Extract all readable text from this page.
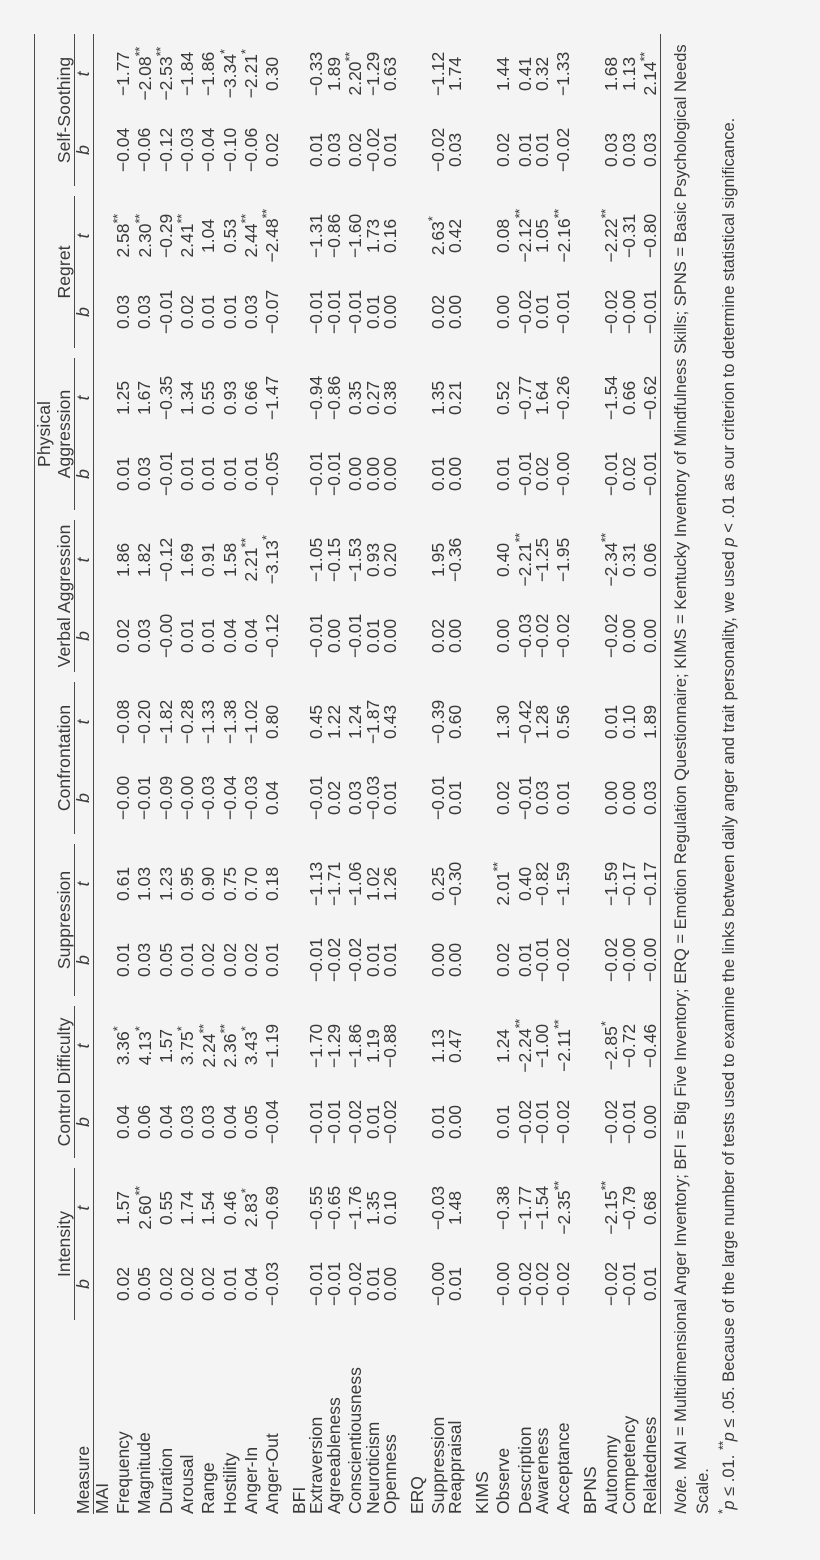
		Intensity			Control Difficulty			Suppression			Confrontation			Verbal Aggression			Physical Aggression			Regret			Self-Soothing	

Measure		b	t		b	t		b	t		b	t		b	t		b	t		b	t		b	t
MAI																								
Frequency		0.02	1.57		0.04	3.36*		0.01	0.61		−0.00	−0.08		0.02	1.86		0.01	1.25		0.03	2.58**		−0.04	−1.77
Magnitude		0.05	2.60**		0.06	4.13*		0.03	1.03		−0.01	−0.20		0.03	1.82		0.03	1.67		0.03	2.30**		−0.06	−2.08**
Duration		0.02	0.55		0.04	1.57		0.05	1.23		−0.09	−1.82		−0.00	−0.12		−0.01	−0.35		−0.01	−0.29		−0.12	−2.53**
Arousal		0.02	1.74		0.03	3.75*		0.01	0.95		−0.00	−0.28		0.01	1.69		0.01	1.34		0.02	2.41**		−0.03	−1.84
Range		0.02	1.54		0.03	2.24**		0.02	0.90		−0.03	−1.33		0.01	0.91		0.01	0.55		0.01	1.04		−0.04	−1.86
Hostility		0.01	0.46		0.04	2.36**		0.02	0.75		−0.04	−1.38		0.04	1.58		0.01	0.93		0.01	0.53		−0.10	−3.34*
Anger-In		0.04	2.83*		0.05	3.43*		0.02	0.70		−0.03	−1.02		0.04	2.21**		0.01	0.66		0.03	2.44**		−0.06	−2.21*
Anger-Out		−0.03	−0.69		−0.04	−1.19		0.01	0.18		0.04	0.80		−0.12	−3.13*		−0.05	−1.47		−0.07	−2.48**		0.02	0.30

BFI																								
Extraversion		−0.01	−0.55		−0.01	−1.70		−0.01	−1.13		−0.01	0.45		−0.01	−1.05		−0.01	−0.94		−0.01	−1.31		0.01	−0.33
Agreeableness		−0.01	−0.65		−0.01	−1.29		−0.02	−1.71		0.02	1.22		0.00	−0.15		−0.01	−0.86		−0.01	−0.86		0.03	1.89
Conscientiousness		−0.02	−1.76		−0.02	−1.86		−0.02	−1.06		0.03	1.24		−0.01	−1.53		0.00	0.35		−0.01	−1.60		0.02	2.20**
Neuroticism		0.01	1.35		0.01	1.19		0.01	1.02		−0.03	−1.87		0.01	0.93		0.00	0.27		0.01	1.73		−0.02	−1.29
Openness		0.00	0.10		−0.02	−0.88		0.01	1.26		0.01	0.43		0.00	0.20		0.00	0.38		0.00	0.16		0.01	0.63

ERQ																								
Suppression		−0.00	−0.03		0.01	1.13		0.00	0.25		−0.01	−0.39		0.02	1.95		0.01	1.35		0.02	2.63*		−0.02	−1.12
Reappraisal		0.01	1.48		0.00	0.47		0.00	−0.30		0.01	0.60		0.00	−0.36		0.00	0.21		0.00	0.42		0.03	1.74

KIMS																								
Observe		−0.00	−0.38		0.01	1.24		0.02	2.01**		0.02	1.30		0.00	0.40		0.01	0.52		0.00	0.08		0.02	1.44
Description		−0.02	−1.77		−0.02	−2.24**		0.01	0.40		−0.01	−0.42		−0.03	−2.21**		−0.01	−0.77		−0.02	−2.12**		0.01	0.41
Awareness		−0.02	−1.54		−0.01	−1.00		−0.01	−0.82		0.03	1.28		−0.02	−1.25		0.02	1.64		0.01	1.05		0.01	0.32
Acceptance		−0.02	−2.35**		−0.02	−2.11**		−0.02	−1.59		0.01	0.56		−0.02	−1.95		−0.00	−0.26		−0.01	−2.16**		−0.02	−1.33

BPNS																								
Autonomy		−0.02	−2.15**		−0.02	−2.85*		−0.02	−1.59		0.00	0.01		−0.02	−2.34**		−0.01	−1.54		−0.02	−2.22**		0.03	1.68
Competency		−0.01	−0.79		−0.01	−0.72		−0.00	−0.17		0.00	0.10		0.00	0.31		0.02	0.66		−0.00	−0.31		0.03	1.13
Relatedness		0.01	0.68		0.00	−0.46		−0.00	−0.17		0.03	1.89		0.00	0.06		−0.01	−0.62		−0.01	−0.80		0.03	2.14**
Note. MAI = Multidimensional Anger Inventory; BFI = Big Five Inventory; ERQ = Emotion Regulation Questionnaire; KIMS = Kentucky Inventory of Mindfulness Skills; SPNS = Basic Psychological Needs Scale. *p ≤ .01. **p ≤ .05. Because of the large number of tests used to examine the links between daily anger and trait personality, we used p < .01 as our criterion to determine statistical significance.
